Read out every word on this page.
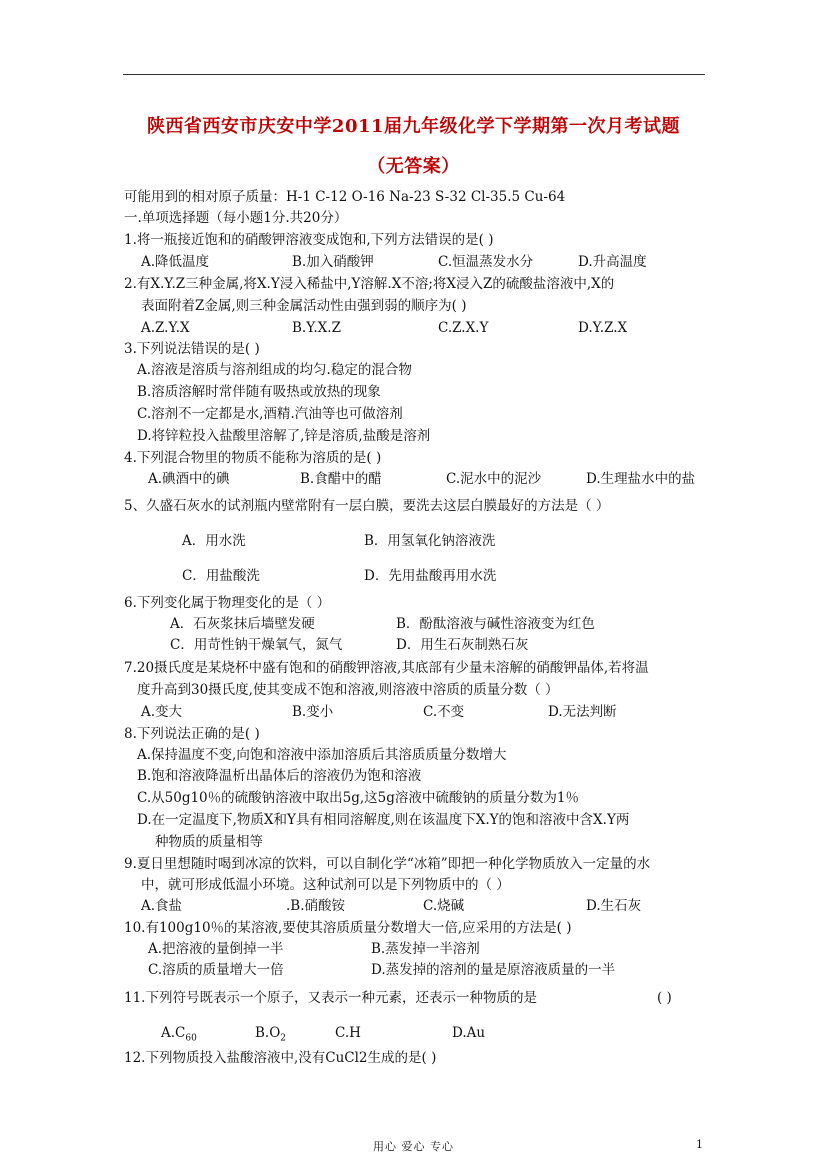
陕西省西安市庆安中学2011届九年级化学下学期第一次月考试题
（无答案）
可能用到的相对原子质量：H-1 C-12 O-16 Na-23 S-32 Cl-35.5 Cu-64
一.单项选择题（每小题1分.共20分）
1.将一瓶接近饱和的硝酸钾溶液变成饱和,下列方法错误的是( )
A.降低温度	B.加入硝酸钾	C.恒温蒸发水分	D.升高温度
2.有X.Y.Z三种金属,将X.Y浸入稀盐中,Y溶解.X不溶;将X浸入Z的硫酸盐溶液中,X的
表面附着Z金属,则三种金属活动性由强到弱的顺序为( )
A.Z.Y.X	B.Y.X.Z	C.Z.X.Y	D.Y.Z.X
3.下列说法错误的是( )
A.溶液是溶质与溶剂组成的均匀.稳定的混合物
B.溶质溶解时常伴随有吸热或放热的现象
C.溶剂不一定都是水,酒精.汽油等也可做溶剂
D.将锌粒投入盐酸里溶解了,锌是溶质,盐酸是溶剂
4.下列混合物里的物质不能称为溶质的是( )
A.碘酒中的碘	B.食醋中的醋	C.泥水中的泥沙	D.生理盐水中的盐
5、久盛石灰水的试剂瓶内壁常附有一层白膜，要洗去这层白膜最好的方法是（ ）
A．用水洗	B．用氢氧化钠溶液洗
C．用盐酸洗	D．先用盐酸再用水洗
6.下列变化属于物理变化的是（ ）
A．石灰浆抹后墙壁发硬	B．酚酞溶液与碱性溶液变为红色
C．用苛性钠干燥氧气，氮气	D．用生石灰制熟石灰
7.20摄氏度是某烧杯中盛有饱和的硝酸钾溶液,其底部有少量未溶解的硝酸钾晶体,若将温
度升高到30摄氏度,使其变成不饱和溶液,则溶液中溶质的质量分数（ ）
A.变大	B.变小	C.不变	D.无法判断
8.下列说法正确的是( )
A.保持温度不变,向饱和溶液中添加溶质后其溶质质量分数增大
B.饱和溶液降温析出晶体后的溶液仍为饱和溶液
C.从50g10％的硫酸钠溶液中取出5g,这5g溶液中硫酸钠的质量分数为1％
D.在一定温度下,物质X和Y具有相同溶解度,则在该温度下X.Y的饱和溶液中含X.Y两
种物质的质量相等
9.夏日里想随时喝到冰凉的饮料，可以自制化学“冰箱”即把一种化学物质放入一定量的水
中，就可形成低温小环境。这种试剂可以是下列物质中的（ ）
A.食盐	.B.硝酸铵	C.烧碱	D.生石灰
10.有100g10％的某溶液,要使其溶质质量分数增大一倍,应采用的方法是( )
A.把溶液的量倒掉一半	B.蒸发掉一半溶剂
C.溶质的质量增大一倍	D.蒸发掉的溶剂的量是原溶液质量的一半
11.下列符号既表示一个原子，又表示一种元素，还表示一种物质的是	( )
$A.C_{60}$	$B.O_2$	C.H	D.Au
12.下列物质投入盐酸溶液中,没有CuCl2生成的是( )
用心 爱心 专心	1
